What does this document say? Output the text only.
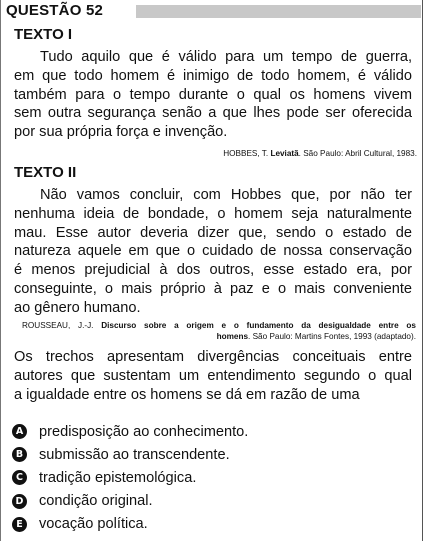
QUESTÃO 52
TEXTO I
Tudo aquilo que é válido para um tempo de guerra,
em que todo homem é inimigo de todo homem, é válido
também para o tempo durante o qual os homens vivem
sem outra segurança senão a que lhes pode ser oferecida
por sua própria força e invenção.
HOBBES, T. Leviatã. São Paulo: Abril Cultural, 1983.
TEXTO II
Não vamos concluir, com Hobbes que, por não ter
nenhuma ideia de bondade, o homem seja naturalmente
mau. Esse autor deveria dizer que, sendo o estado de
natureza aquele em que o cuidado de nossa conservação
é menos prejudicial à dos outros, esse estado era, por
conseguinte, o mais próprio à paz e o mais conveniente
ao gênero humano.
ROUSSEAU, J.-J. Discurso sobre a origem e o fundamento da desigualdade entre os
homens. São Paulo: Martins Fontes, 1993 (adaptado).
Os trechos apresentam divergências conceituais entre
autores que sustentam um entendimento segundo o qual
a igualdade entre os homens se dá em razão de uma
A predisposição ao conhecimento.
B submissão ao transcendente.
C tradição epistemológica.
D condição original.
E vocação política.
